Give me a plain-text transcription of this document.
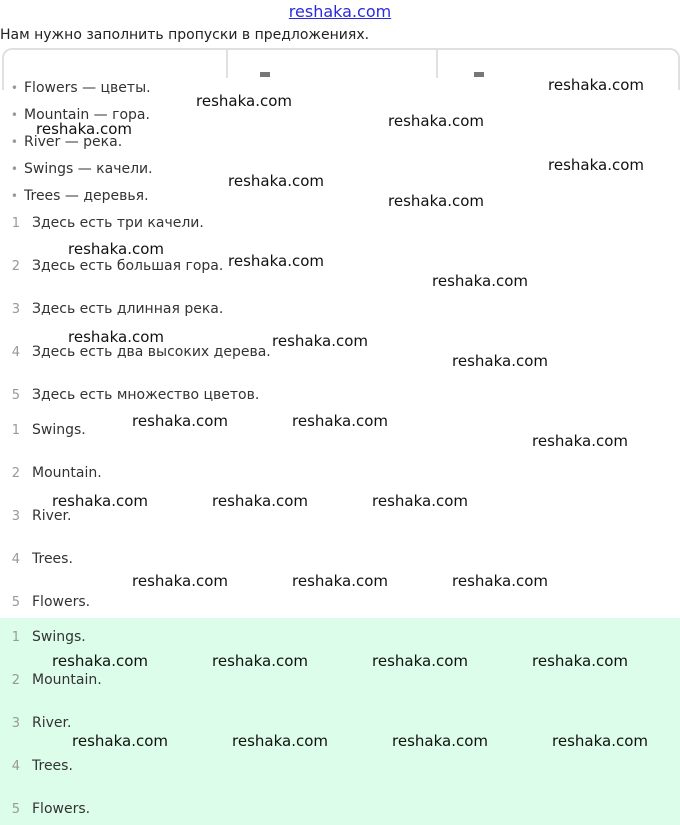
reshaka.com
Нам нужно заполнить пропуски в предложениях.
• Flowers — цветы.
• Mountain — гора.
• River — река.
• Swings — качели.
• Trees — деревья.
1 Здесь есть три качели.
2 Здесь есть большая гора.
3 Здесь есть длинная река.
4 Здесь есть два высоких дерева.
5 Здесь есть множество цветов.
1 Swings.
2 Mountain.
3 River.
4 Trees.
5 Flowers.
1 Swings.
2 Mountain.
3 River.
4 Trees.
5 Flowers.
reshaka.com
reshaka.com
reshaka.com
reshaka.com
reshaka.com
reshaka.com
reshaka.com
reshaka.com
reshaka.com
reshaka.com
reshaka.com	reshaka.com
reshaka.com
reshaka.com	reshaka.com
reshaka.com
reshaka.com	reshaka.com	reshaka.com
reshaka.com	reshaka.com	reshaka.com
reshaka.com	reshaka.com	reshaka.com	reshaka.com
reshaka.com	reshaka.com	reshaka.com	reshaka.com
